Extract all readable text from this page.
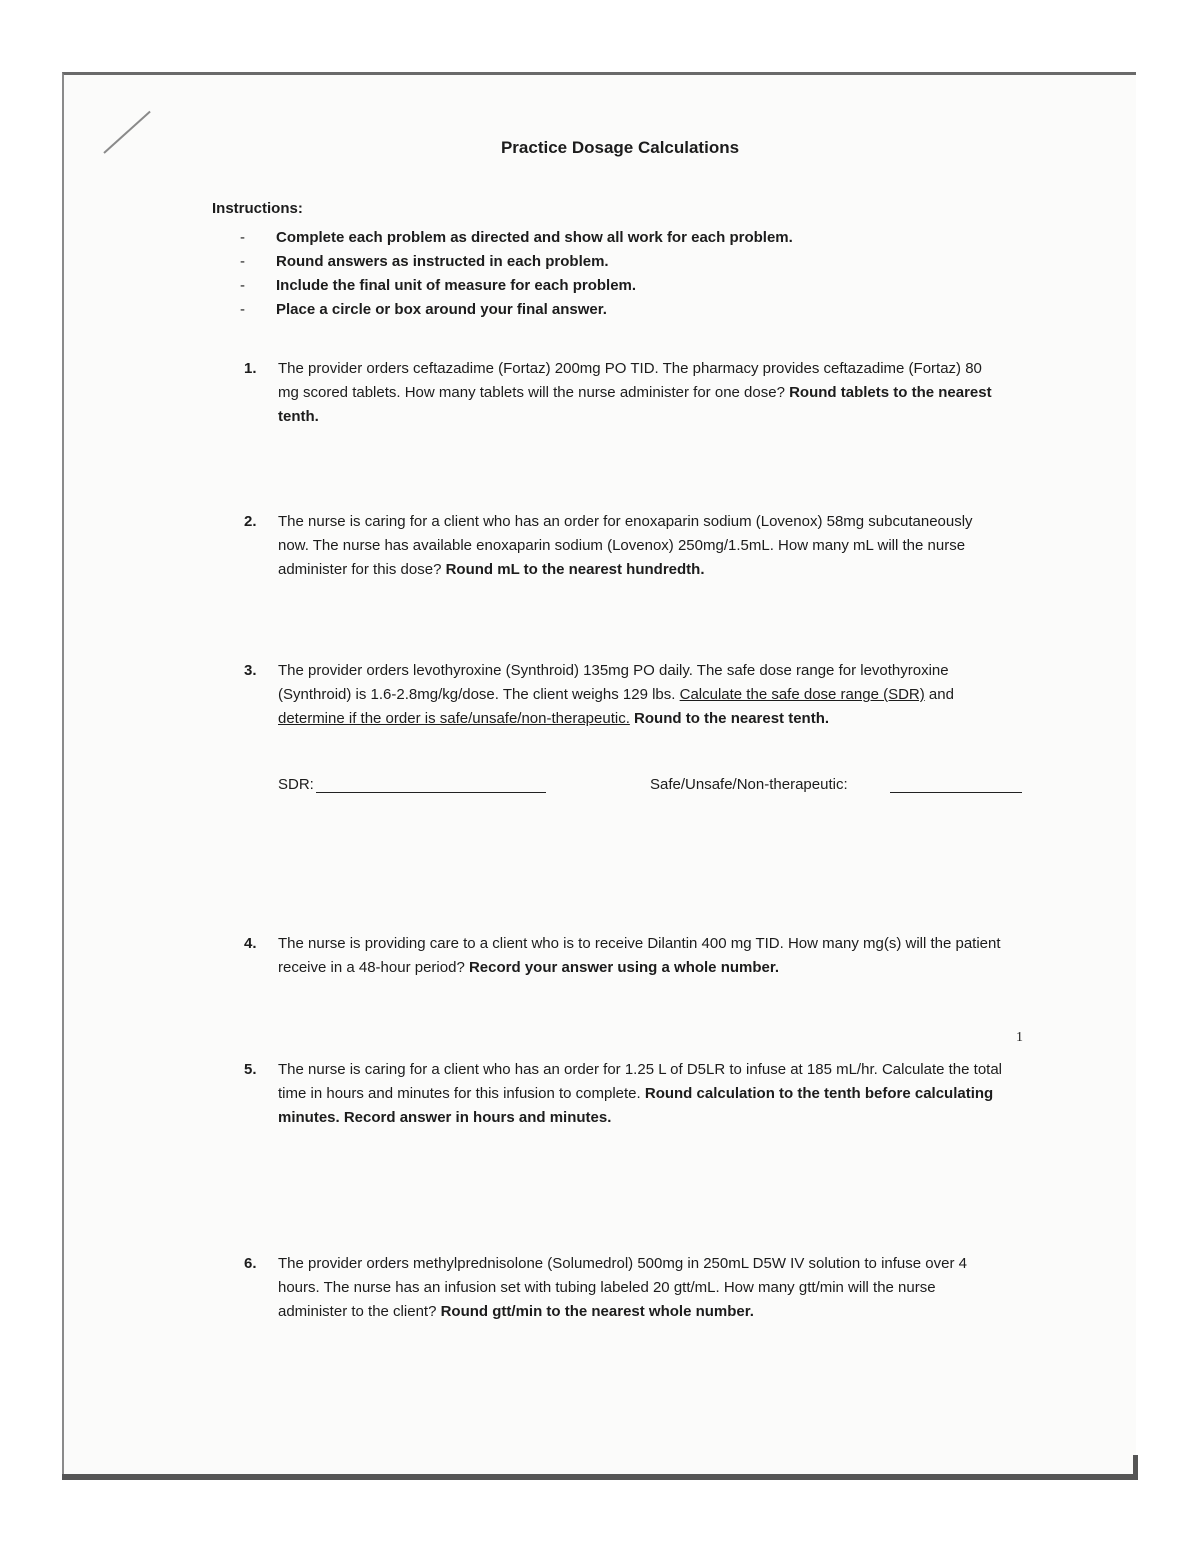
Practice Dosage Calculations
Instructions:
- Complete each problem as directed and show all work for each problem.
- Round answers as instructed in each problem.
- Include the final unit of measure for each problem.
- Place a circle or box around your final answer.
1. The provider orders ceftazadime (Fortaz) 200mg PO TID. The pharmacy provides ceftazadime (Fortaz) 80 mg scored tablets. How many tablets will the nurse administer for one dose? Round tablets to the nearest tenth.
2. The nurse is caring for a client who has an order for enoxaparin sodium (Lovenox) 58mg subcutaneously now. The nurse has available enoxaparin sodium (Lovenox) 250mg/1.5mL. How many mL will the nurse administer for this dose? Round mL to the nearest hundredth.
3. The provider orders levothyroxine (Synthroid) 135mg PO daily. The safe dose range for levothyroxine (Synthroid) is 1.6-2.8mg/kg/dose. The client weighs 129 lbs. Calculate the safe dose range (SDR) and determine if the order is safe/unsafe/non-therapeutic. Round to the nearest tenth.
SDR:	Safe/Unsafe/Non-therapeutic:
4. The nurse is providing care to a client who is to receive Dilantin 400 mg TID. How many mg(s) will the patient receive in a 48-hour period? Record your answer using a whole number.
5. The nurse is caring for a client who has an order for 1.25 L of D5LR to infuse at 185 mL/hr. Calculate the total time in hours and minutes for this infusion to complete. Round calculation to the tenth before calculating minutes. Record answer in hours and minutes.
6. The provider orders methylprednisolone (Solumedrol) 500mg in 250mL D5W IV solution to infuse over 4 hours. The nurse has an infusion set with tubing labeled 20 gtt/mL. How many gtt/min will the nurse administer to the client? Round gtt/min to the nearest whole number.
1
